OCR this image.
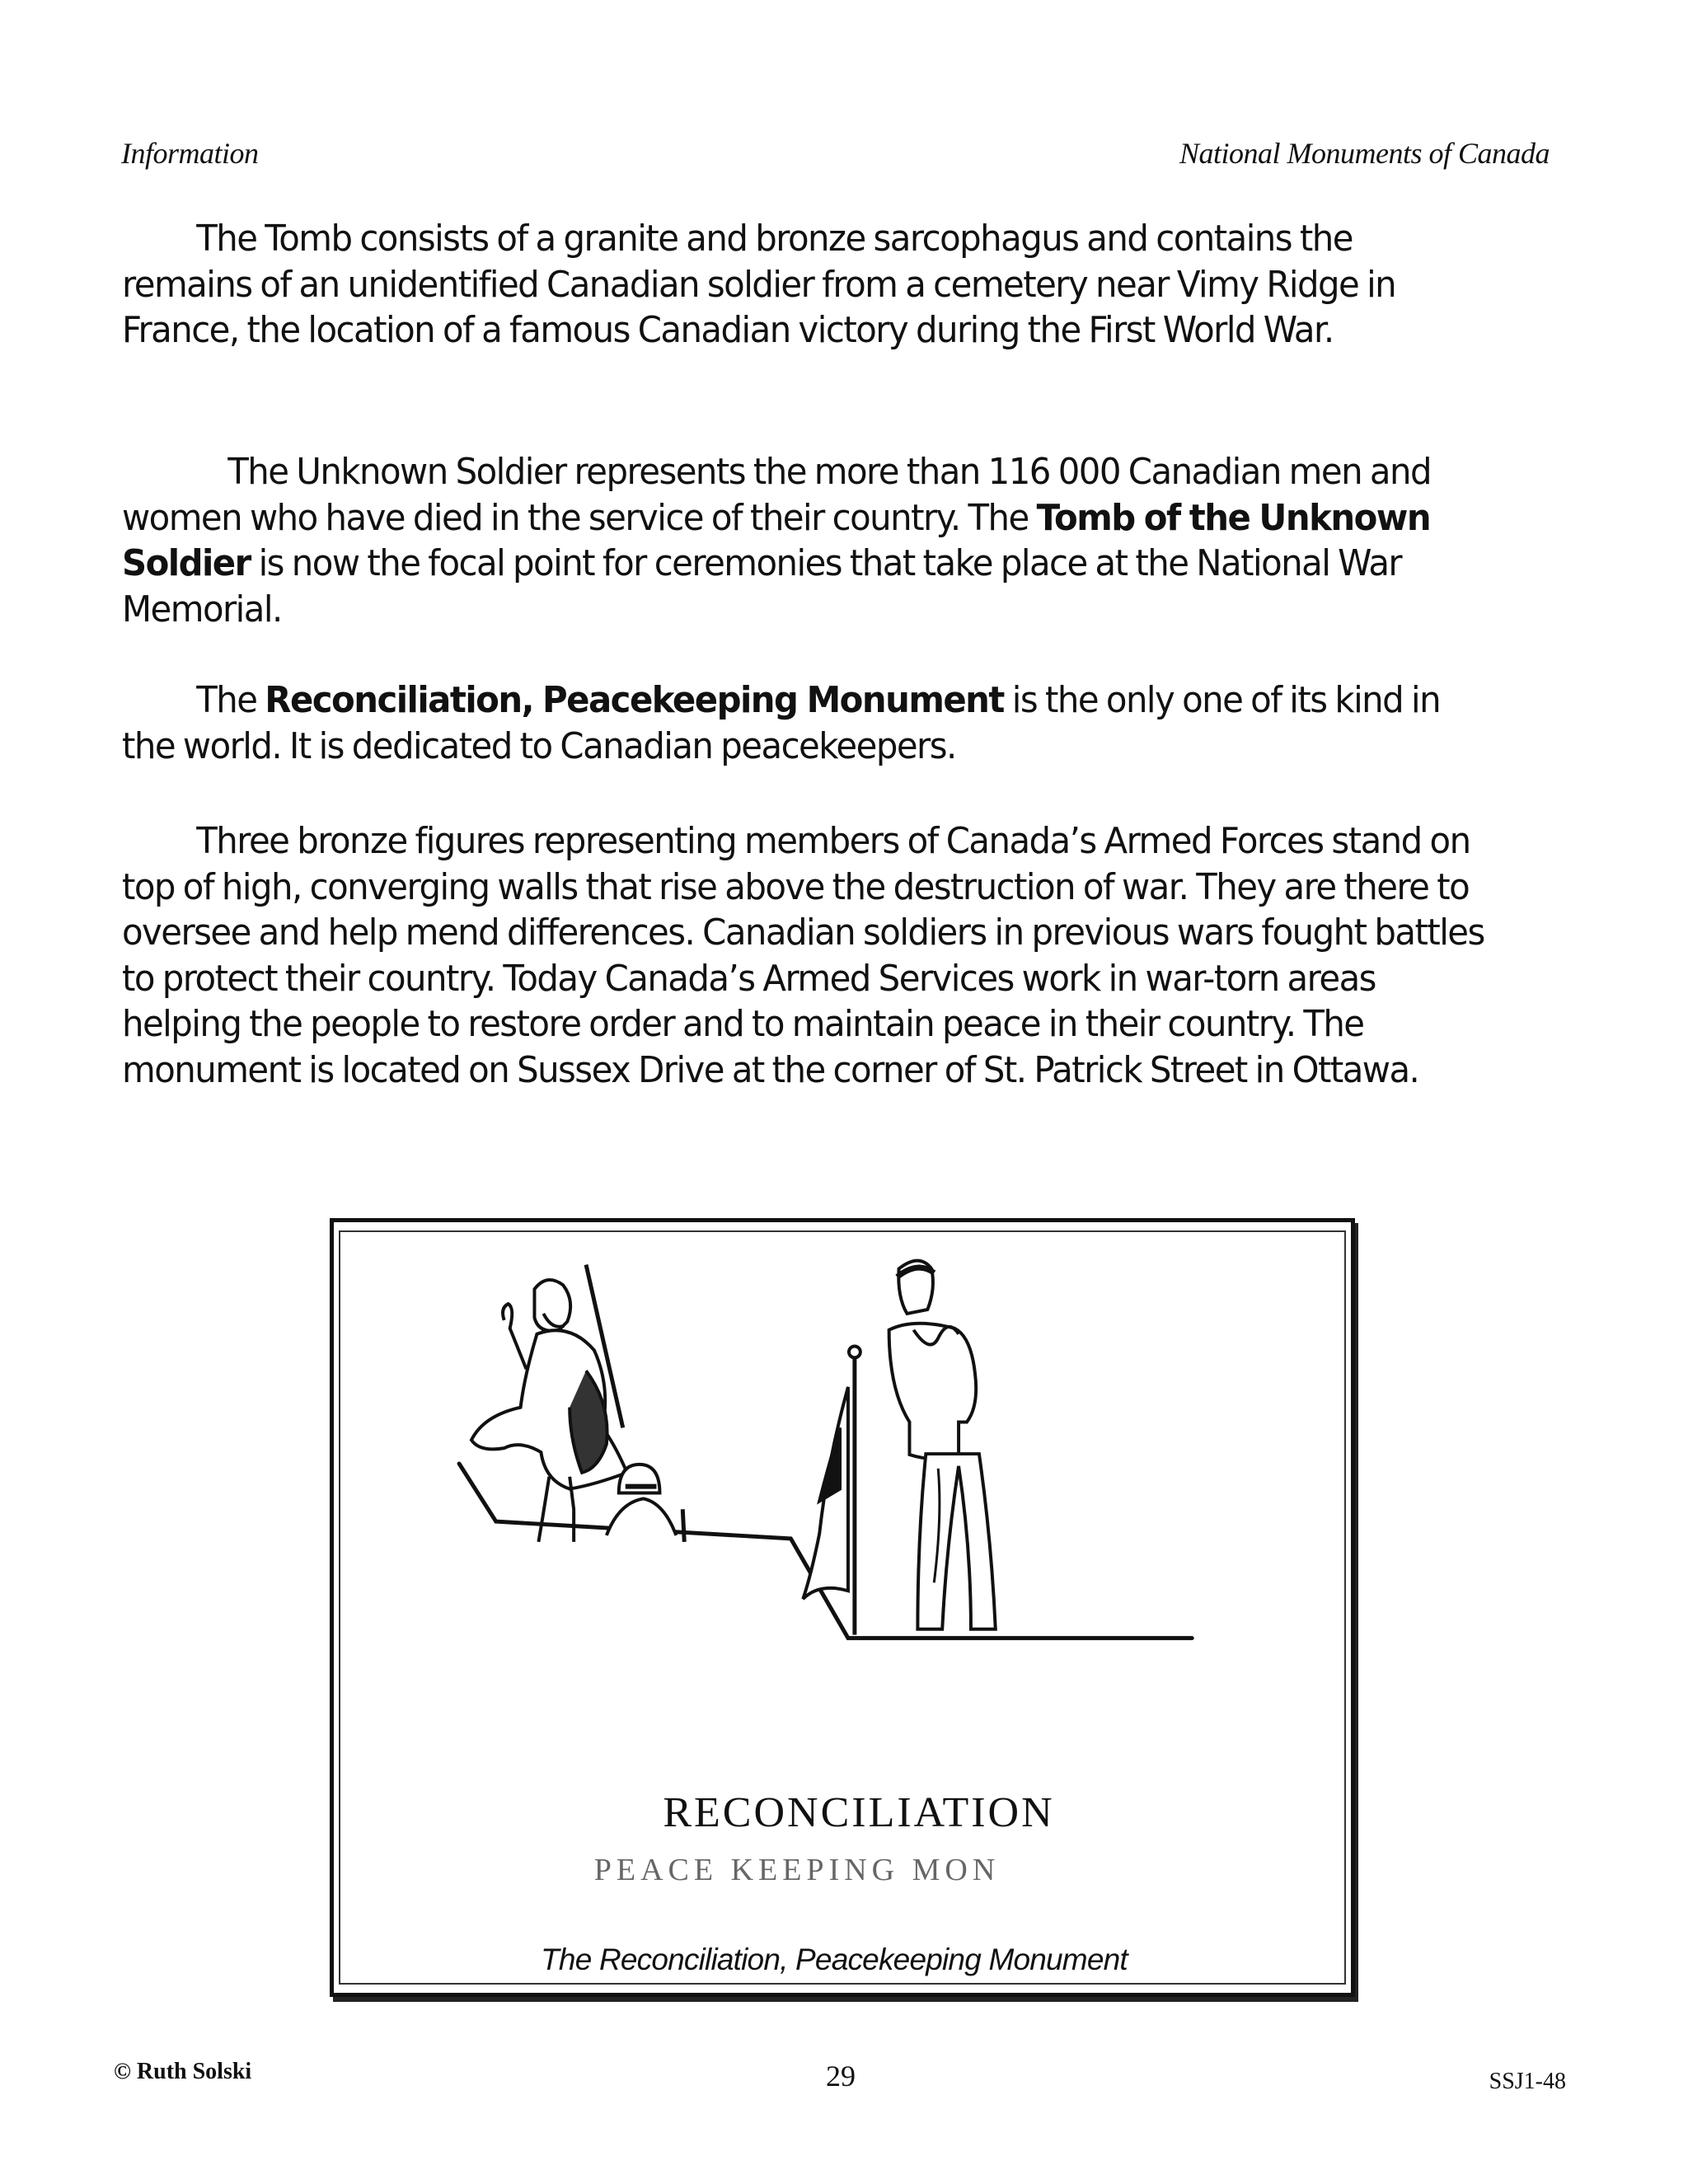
Information	National Monuments of Canada

The Tomb consists of a granite and bronze sarcophagus and contains the remains of an unidentified Canadian soldier from a cemetery near Vimy Ridge in France, the location of a famous Canadian victory during the First World War.

The Unknown Soldier represents the more than 116 000 Canadian men and women who have died in the service of their country. The Tomb of the Unknown Soldier is now the focal point for ceremonies that take place at the National War Memorial.

The Reconciliation, Peacekeeping Monument is the only one of its kind in the world. It is dedicated to Canadian peacekeepers.

Three bronze figures representing members of Canada’s Armed Forces stand on top of high, converging walls that rise above the destruction of war. They are there to oversee and help mend differences. Canadian soldiers in previous wars fought battles to protect their country. Today Canada’s Armed Services work in war-torn areas helping the people to restore order and to maintain peace in their country. The monument is located on Sussex Drive at the corner of St. Patrick Street in Ottawa.

RECONCILIATION
PEACE KEEPING MON
The Reconciliation, Peacekeeping Monument
© Ruth Solski	29	SSJ1-48
